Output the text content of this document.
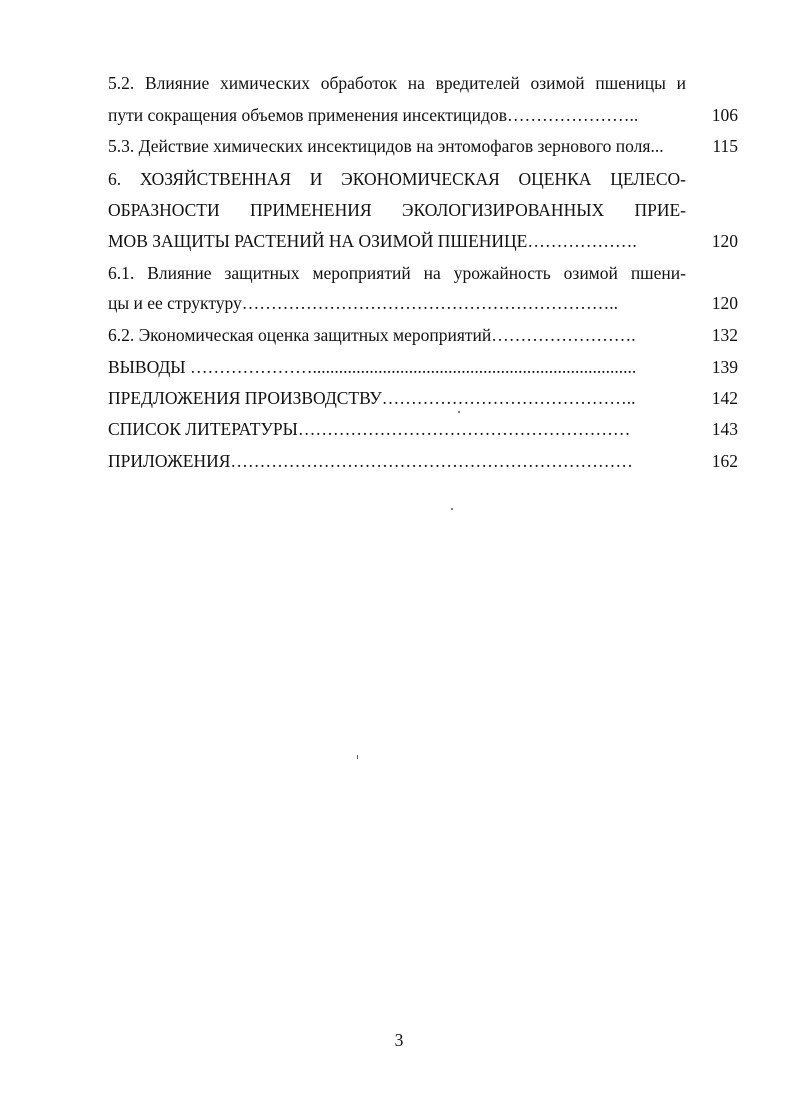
5.2. Влияние химических обработок на вредителей озимой пшеницы и
пути сокращения объемов применения инсектицидов…………………..	106
5.3. Действие химических инсектицидов на энтомофагов зернового поля...	115
6. ХОЗЯЙСТВЕННАЯ И ЭКОНОМИЧЕСКАЯ ОЦЕНКА ЦЕЛЕСО-
ОБРАЗНОСТИ ПРИМЕНЕНИЯ ЭКОЛОГИЗИРОВАННЫХ ПРИЕ-
МОВ ЗАЩИТЫ РАСТЕНИЙ НА ОЗИМОЙ ПШЕНИЦЕ……………….	120
6.1. Влияние защитных мероприятий на урожайность озимой пшени-
цы и ее структуру………………………………………………………..	120
6.2. Экономическая оценка защитных мероприятий…………………….	132
ВЫВОДЫ …………………..........................................................................	139
ПРЕДЛОЖЕНИЯ ПРОИЗВОДСТВУ……………………………………..	142
СПИСОК ЛИТЕРАТУРЫ…………………………………………………	143
ПРИЛОЖЕНИЯ……………………………………………………………	162
3
